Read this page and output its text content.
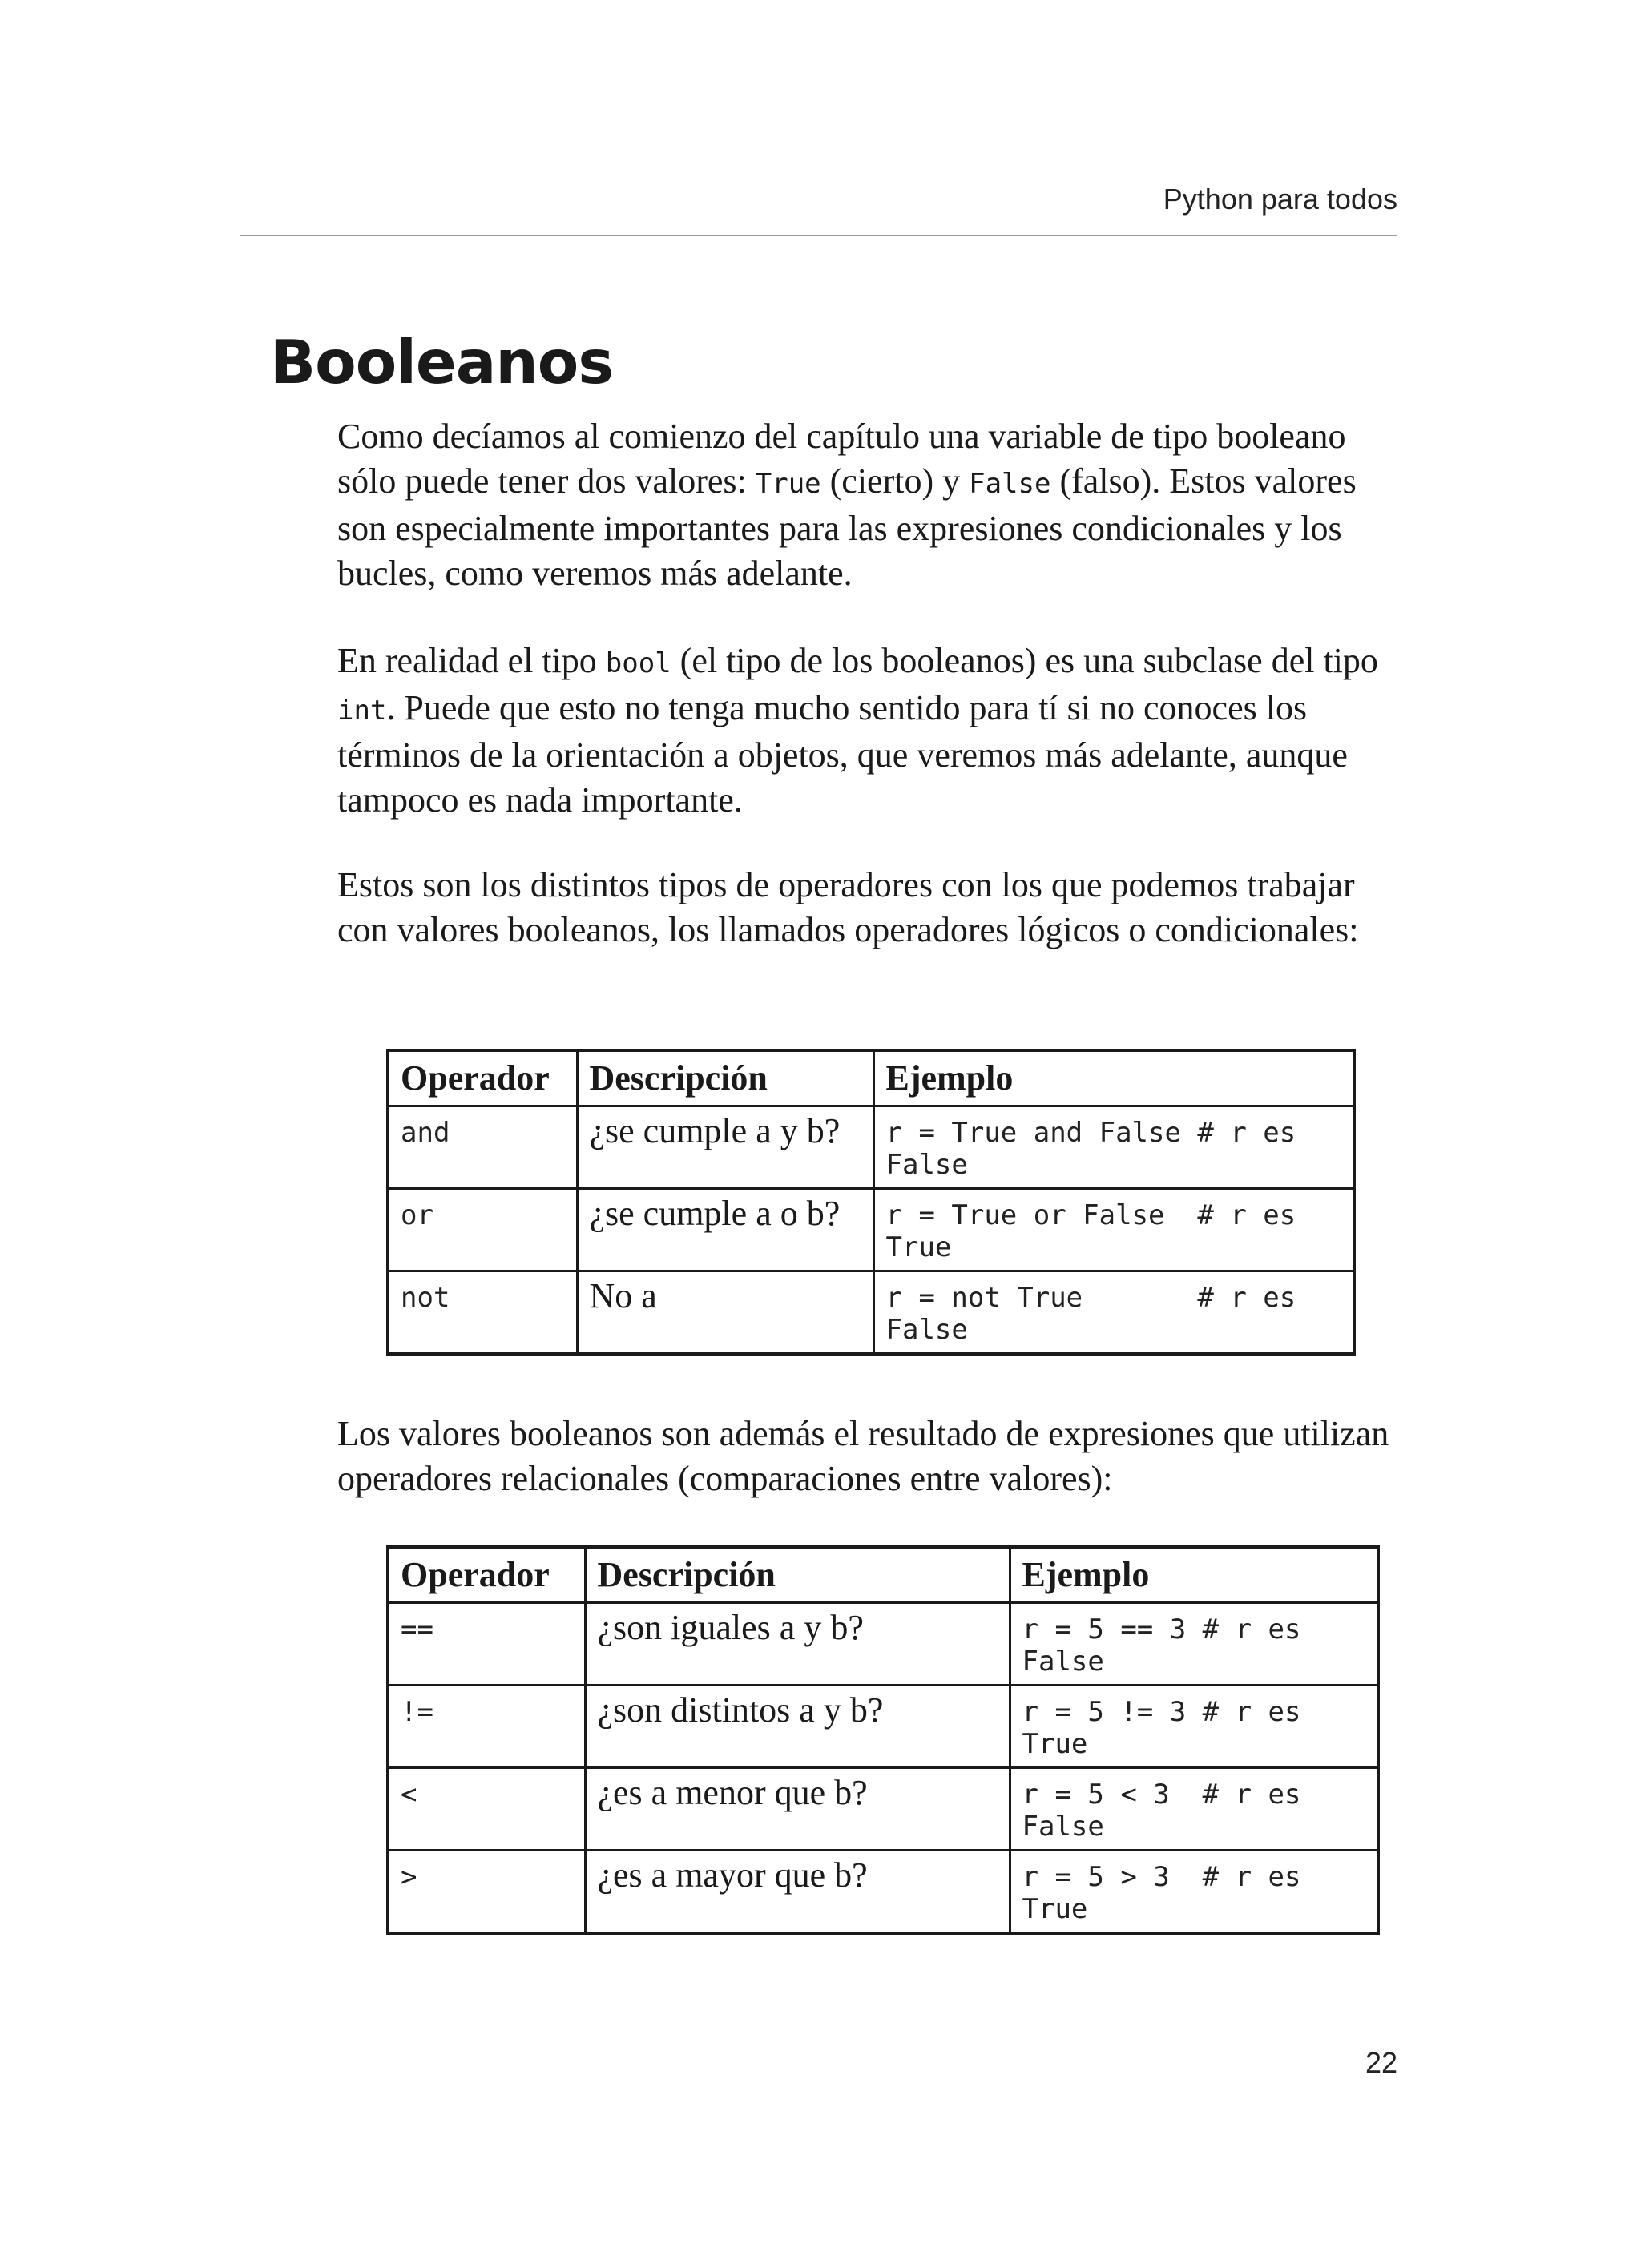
Python para todos
Booleanos

Como decíamos al comienzo del capítulo una variable de tipo booleano sólo puede tener dos valores: True (cierto) y False (falso). Estos valores son especialmente importantes para las expresiones condicionales y los bucles, como veremos más adelante.

En realidad el tipo bool (el tipo de los booleanos) es una subclase del tipo int. Puede que esto no tenga mucho sentido para tí si no conoces los términos de la orientación a objetos, que veremos más adelante, aunque tampoco es nada importante.

Estos son los distintos tipos de operadores con los que podemos trabajar con valores booleanos, los llamados operadores lógicos o condicionales:

Operador	Descripción	Ejemplo
and	¿se cumple a y b?	r = True and False # r es
False
or	¿se cumple a o b?	r = True or False  # r es
True
not	No a	r = not True       # r es
False

Los valores booleanos son además el resultado de expresiones que utilizan operadores relacionales (comparaciones entre valores):

Operador	Descripción	Ejemplo
==	¿son iguales a y b?	r = 5 == 3 # r es
False
!=	¿son distintos a y b?	r = 5 != 3 # r es
True
<	¿es a menor que b?	r = 5 < 3  # r es
False
>	¿es a mayor que b?	r = 5 > 3  # r es
True
22
